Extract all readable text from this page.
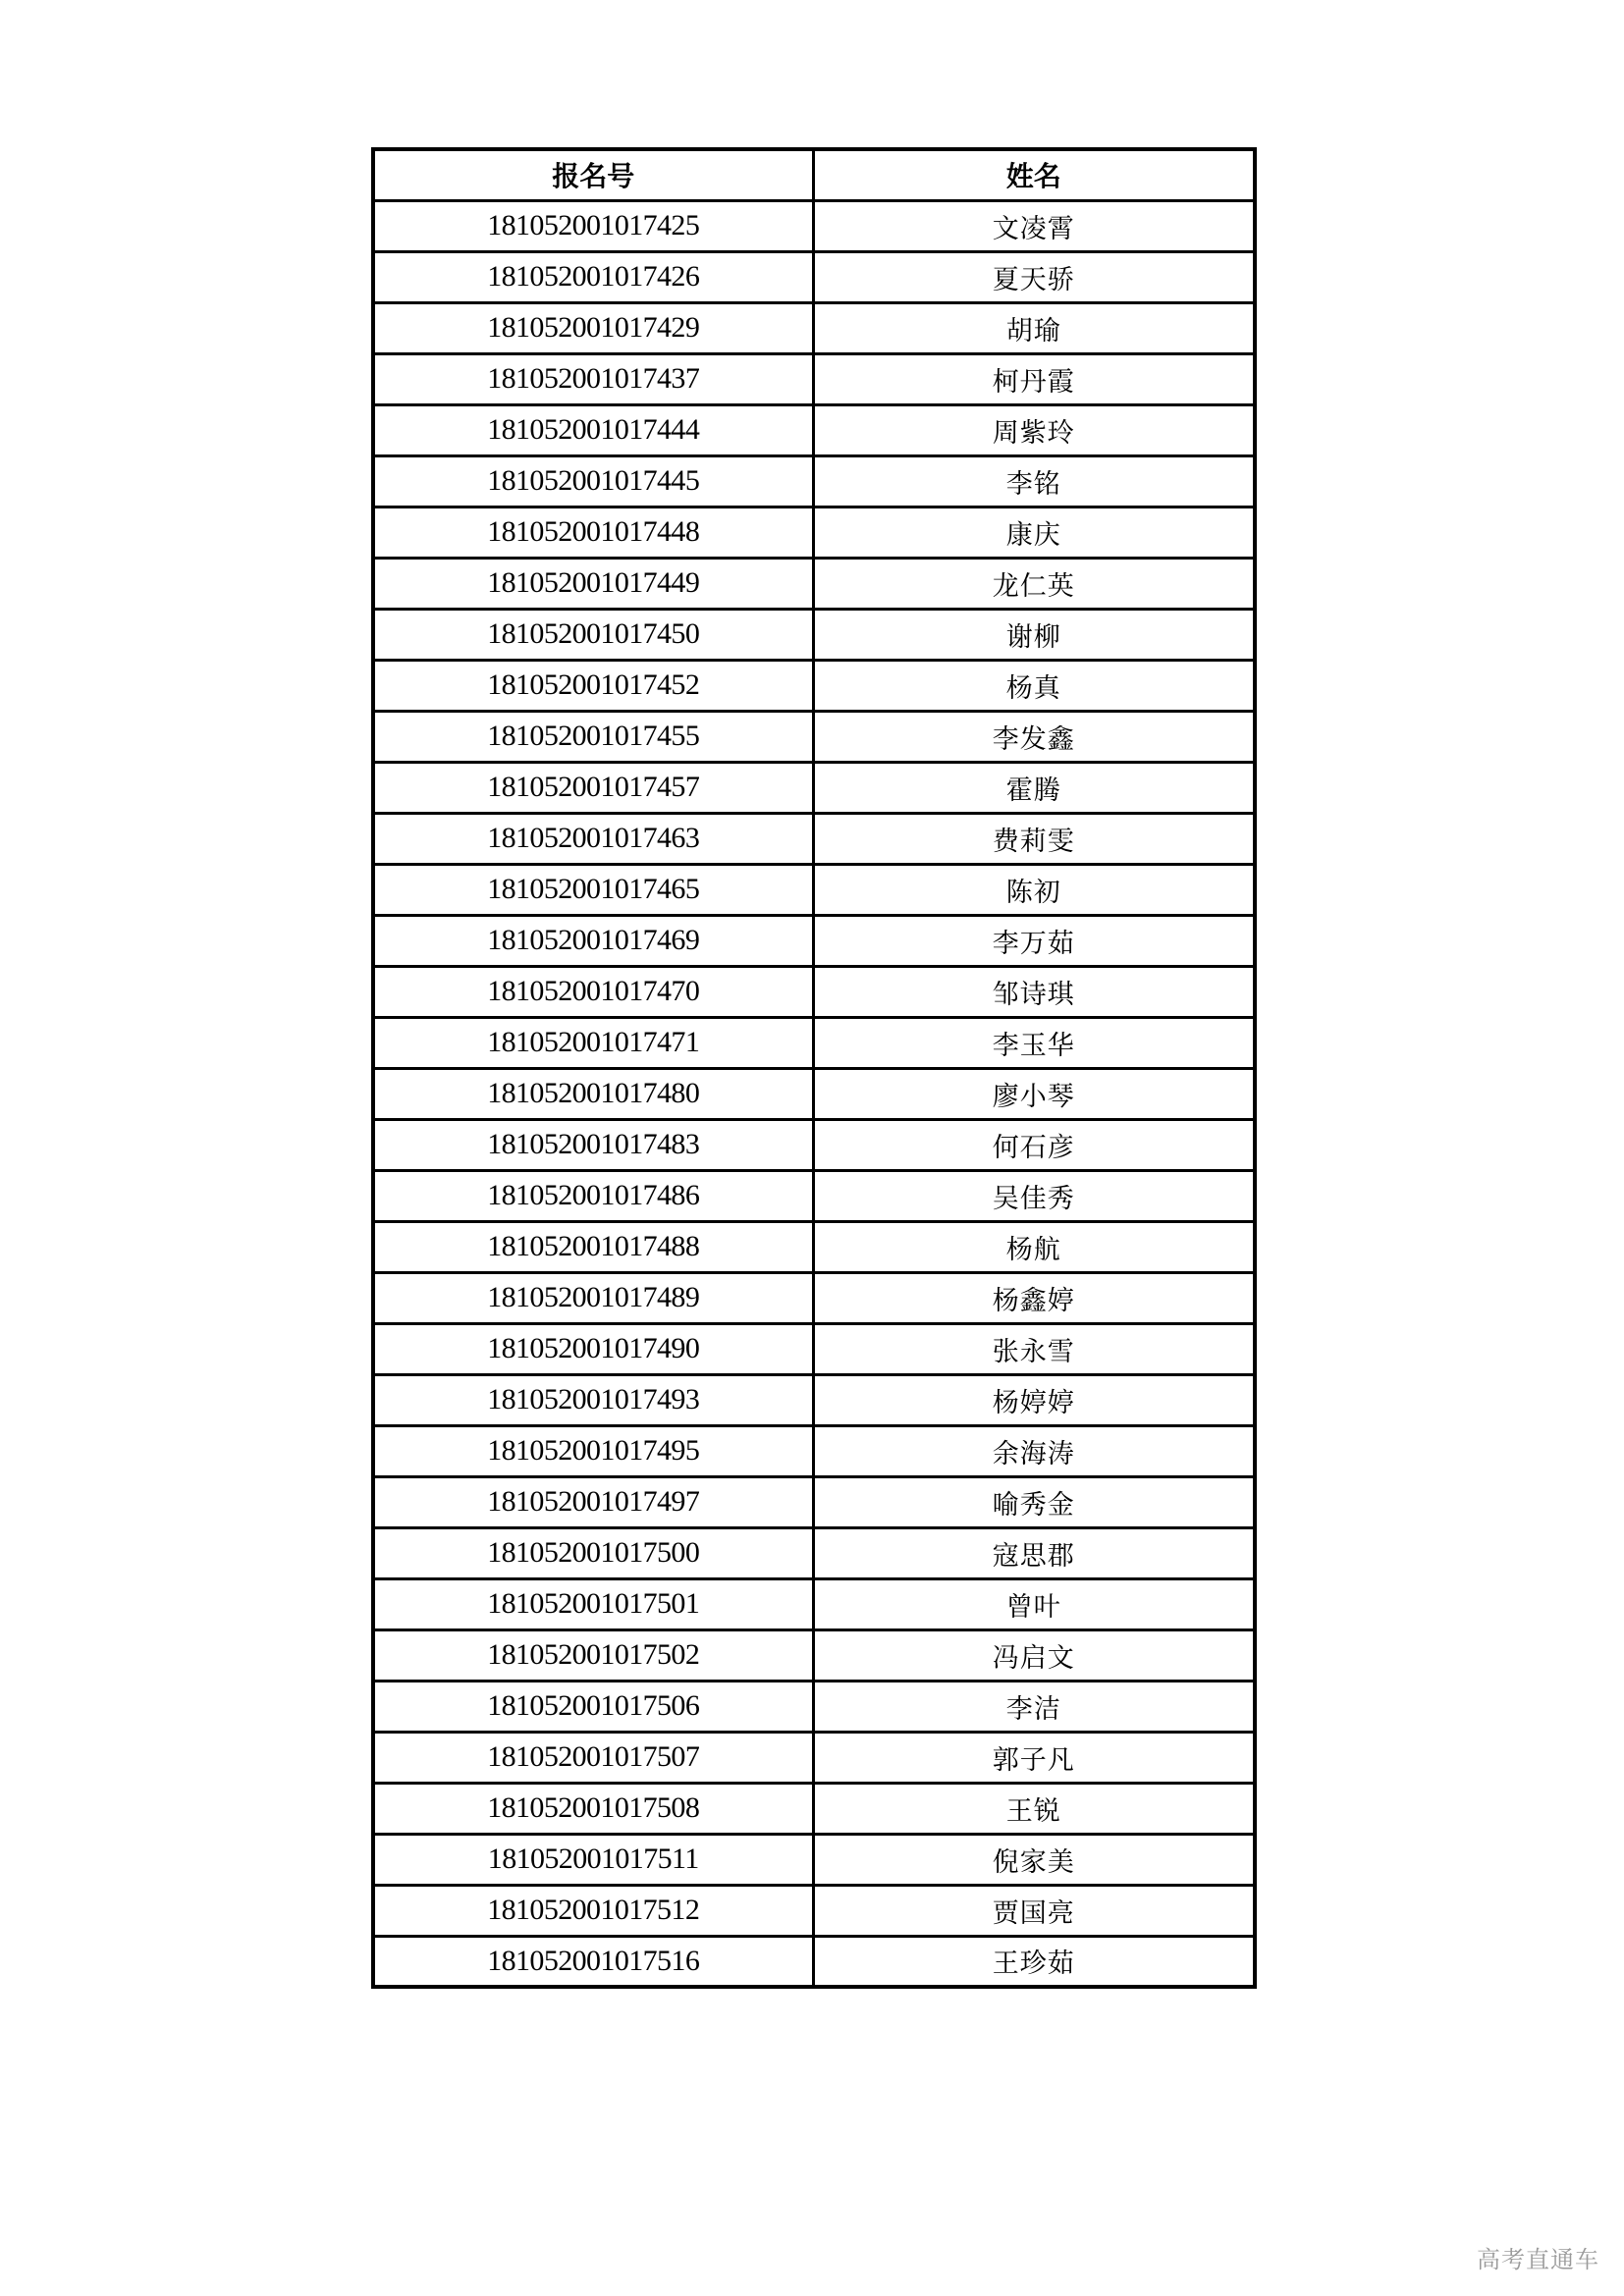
报名号	姓名
181052001017425	文凌霄
181052001017426	夏天骄
181052001017429	胡瑜
181052001017437	柯丹霞
181052001017444	周紫玲
181052001017445	李铭
181052001017448	康庆
181052001017449	龙仁英
181052001017450	谢柳
181052001017452	杨真
181052001017455	李发鑫
181052001017457	霍腾
181052001017463	费莉雯
181052001017465	陈初
181052001017469	李万茹
181052001017470	邹诗琪
181052001017471	李玉华
181052001017480	廖小琴
181052001017483	何石彦
181052001017486	吴佳秀
181052001017488	杨航
181052001017489	杨鑫婷
181052001017490	张永雪
181052001017493	杨婷婷
181052001017495	余海涛
181052001017497	喻秀金
181052001017500	寇思郡
181052001017501	曾叶
181052001017502	冯启文
181052001017506	李洁
181052001017507	郭子凡
181052001017508	王锐
181052001017511	倪家美
181052001017512	贾国亮
181052001017516	王珍茹
高考直通车
